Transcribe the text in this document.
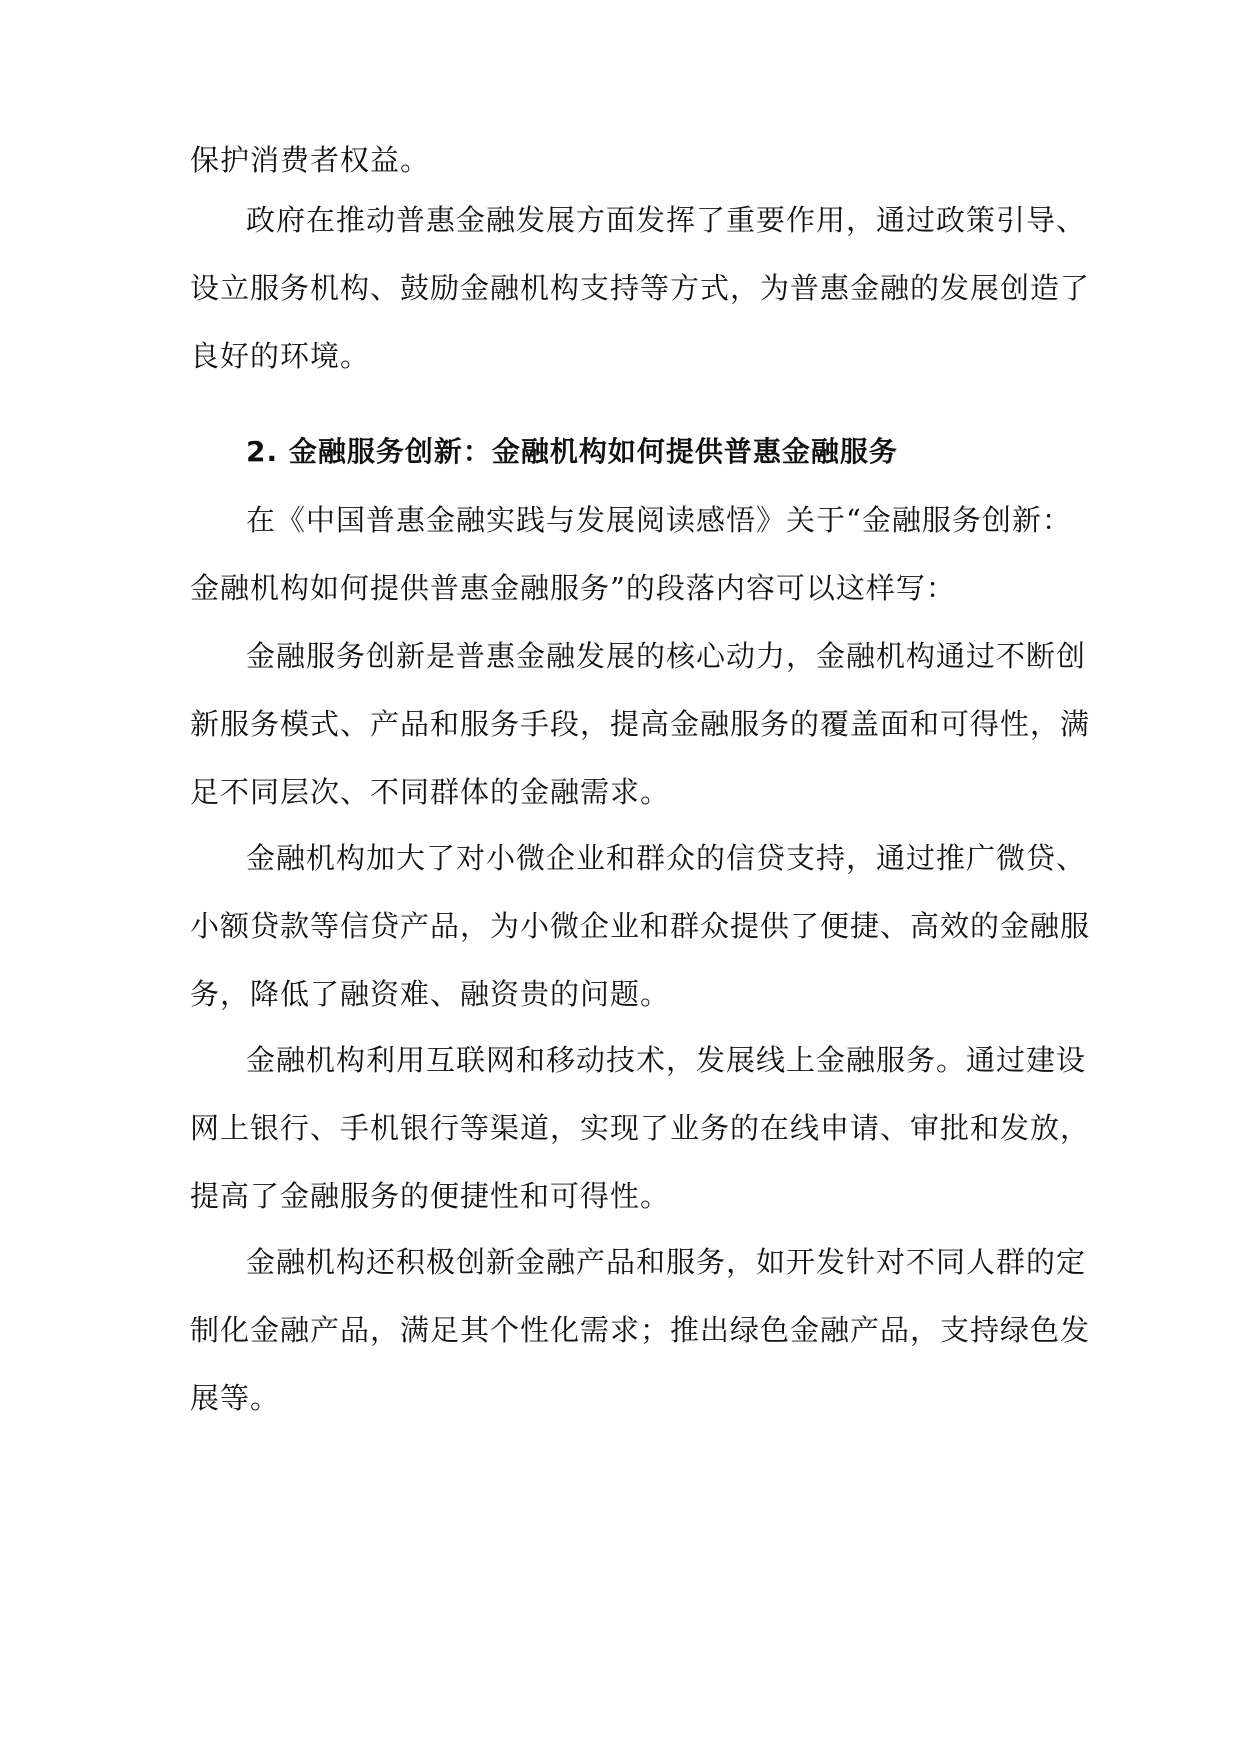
保护消费者权益。
政府在推动普惠金融发展方面发挥了重要作用，通过政策引导、
设立服务机构、鼓励金融机构支持等方式，为普惠金融的发展创造了
良好的环境。
2. 金融服务创新：金融机构如何提供普惠金融服务
在《中国普惠金融实践与发展阅读感悟》关于“金融服务创新：
金融机构如何提供普惠金融服务”的段落内容可以这样写：
金融服务创新是普惠金融发展的核心动力，金融机构通过不断创
新服务模式、产品和服务手段，提高金融服务的覆盖面和可得性，满
足不同层次、不同群体的金融需求。
金融机构加大了对小微企业和群众的信贷支持，通过推广微贷、
小额贷款等信贷产品，为小微企业和群众提供了便捷、高效的金融服
务，降低了融资难、融资贵的问题。
金融机构利用互联网和移动技术，发展线上金融服务。通过建设
网上银行、手机银行等渠道，实现了业务的在线申请、审批和发放，
提高了金融服务的便捷性和可得性。
金融机构还积极创新金融产品和服务，如开发针对不同人群的定
制化金融产品，满足其个性化需求；推出绿色金融产品，支持绿色发
展等。
